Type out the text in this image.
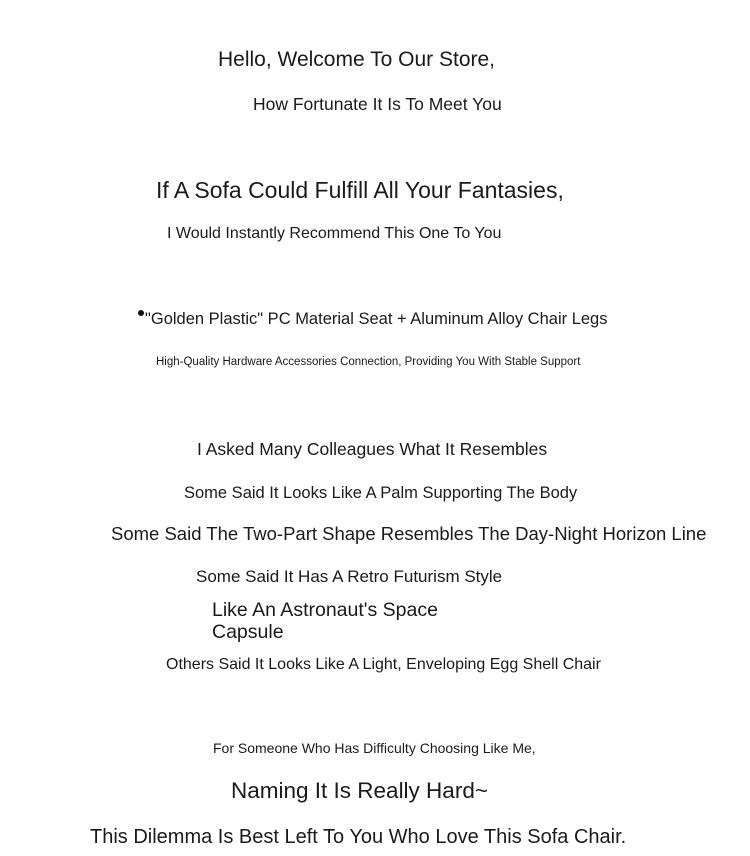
Hello, Welcome To Our Store,

How Fortunate It Is To Meet You

If A Sofa Could Fulfill All Your Fantasies,

I Would Instantly Recommend This One To You

"Golden Plastic" PC Material Seat + Aluminum Alloy Chair Legs

High-Quality Hardware Accessories Connection, Providing You With Stable Support

I Asked Many Colleagues What It Resembles

Some Said It Looks Like A Palm Supporting The Body

Some Said The Two-Part Shape Resembles The Day-Night Horizon Line

Some Said It Has A Retro Futurism Style

Like An Astronaut's Space Capsule

Others Said It Looks Like A Light, Enveloping Egg Shell Chair

For Someone Who Has Difficulty Choosing Like Me,

Naming It Is Really Hard~

This Dilemma Is Best Left To You Who Love This Sofa Chair.
